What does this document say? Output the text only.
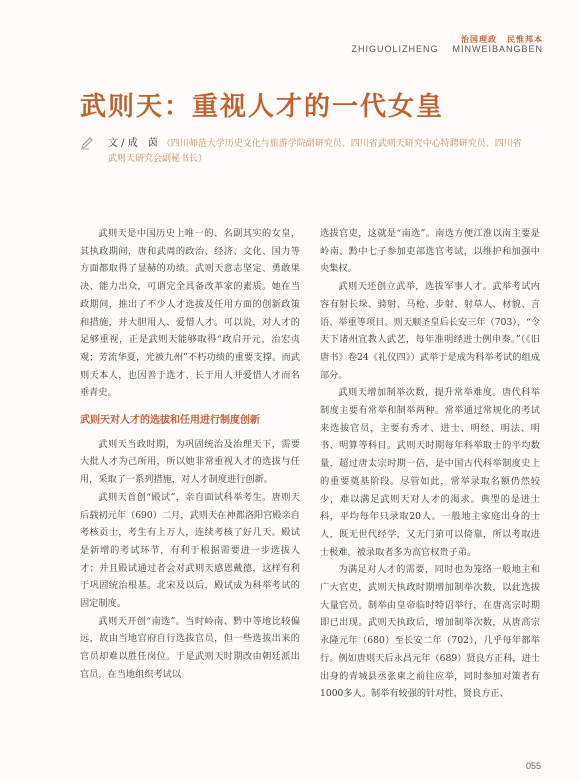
治国理政 民惟邦本
ZHIGUOLIZHENG MINWEIBANGBEN
武则天：重视人才的一代女皇
文 / 成　茵 （四川师范大学历史文化与旅游学院副研究员、四川省武则天研究中心特聘研究员、四川省武则天研究会副秘书长）

武则天是中国历史上唯一的、名副其实的女皇，其执政期间，唐和武周的政治、经济、文化、国力等方面都取得了显赫的功绩。武则天意志坚定、勇敢果决、能力出众，可谓完全具备改革家的素质。她在当政期间，推出了不少人才选拔及任用方面的创新政策和措施，并大胆用人、爱惜人才。可以说，对人才的足够重视，正是武则天能够取得“政启开元，治宏贞观；芳流华夏，光被九州”不朽功绩的重要支撑。而武则天本人，也因善于选才、长于用人并爱惜人才而名垂青史。

武则天对人才的选拔和任用进行制度创新

武则天当政时期，为巩固统治及治理天下，需要大批人才为己所用，所以她非常重视人才的选拔与任用，采取了一系列措施，对人才制度进行创新。

武则天首创“殿试”，亲自面试科举考生。唐则天后载初元年（690）二月，武则天在神都洛阳宫殿亲自考核贡士，考生有上万人，连续考核了好几天。殿试是新增的考试环节，有利于根据需要进一步选拔人才；并且殿试通过者会对武则天感恩戴德，这样有利于巩固统治根基。北宋及以后，殿试成为科举考试的固定制度。

武则天开创“南选”。当时岭南、黔中等地比较偏远，故由当地官府自行选拔官员，但一些选拔出来的官员却难以胜任岗位。于是武则天时期改由朝廷派出官员，在当地组织考试以

选拔官吏，这就是“南选”。南选方便江淮以南主要是岭南、黔中七子参加吏部选官考试，以维护和加强中央集权。

武则天还创立武举，选拔军事人才。武举考试内容有射长垛、骑射、马枪、步射、射草人、材貌、言语、举重等项目。则天顺圣皇后长安三年（703），“令天下诸州宜教人武艺，每年准明经进士例申奏。”（《旧唐书》卷24《礼仪四》）武举于是成为科举考试的组成部分。

武则天增加制举次数，提升常举难度。唐代科举制度主要有常举和制举两种。常举通过常规化的考试来选拔官员，主要有秀才、进士、明经、明法、明书、明算等科目。武则天时期每年科举取士的平均数量，超过唐太宗时期一倍，是中国古代科举制度史上的重要奠基阶段。尽管如此，常举录取名额仍然较少，难以满足武则天对人才的渴求。典型的是进士科，平均每年只录取20人。一般地主家庭出身的士人，既无世代经学，又无门第可以倚靠，所以考取进士极难，被录取者多为高官权贵子弟。

为满足对人才的需要，同时也为笼络一般地主和广大官吏，武则天执政时期增加制举次数，以此选拔大量官员。制举由皇帝临时特诏举行，在唐高宗时期即已出现。武则天执政后，增加制举次数，从唐高宗永隆元年（680）至长安二年（702），几乎每年都举行。例如唐则天后永昌元年（689）贤良方正科，进士出身的青城县丞张柬之前往应举，同时参加对策者有1000多人。制举有较强的针对性，贤良方正、

055
